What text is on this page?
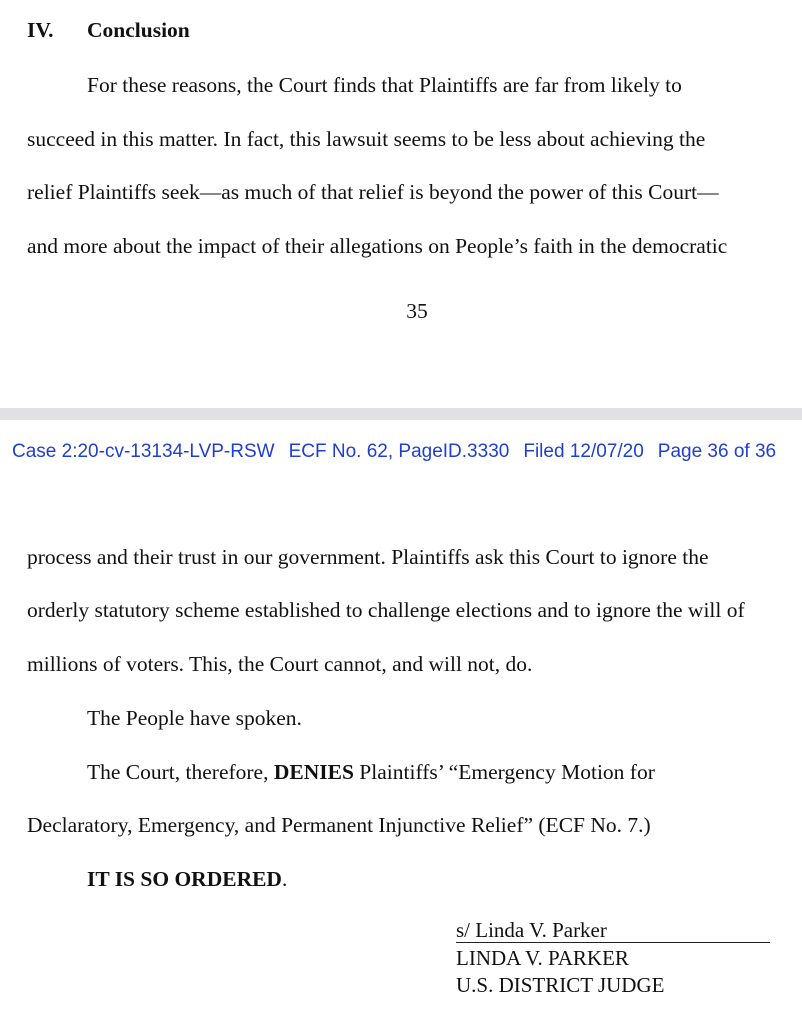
IV. Conclusion
For these reasons, the Court finds that Plaintiffs are far from likely to
succeed in this matter. In fact, this lawsuit seems to be less about achieving the
relief Plaintiffs seek—as much of that relief is beyond the power of this Court—
and more about the impact of their allegations on People’s faith in the democratic
35
Case 2:20-cv-13134-LVP-RSW ECF No. 62, PageID.3330 Filed 12/07/20 Page 36 of 36
process and their trust in our government. Plaintiffs ask this Court to ignore the
orderly statutory scheme established to challenge elections and to ignore the will of
millions of voters. This, the Court cannot, and will not, do.
The People have spoken.
The Court, therefore, DENIES Plaintiffs’ “Emergency Motion for
Declaratory, Emergency, and Permanent Injunctive Relief” (ECF No. 7.)
IT IS SO ORDERED.
s/ Linda V. Parker
LINDA V. PARKER
U.S. DISTRICT JUDGE
